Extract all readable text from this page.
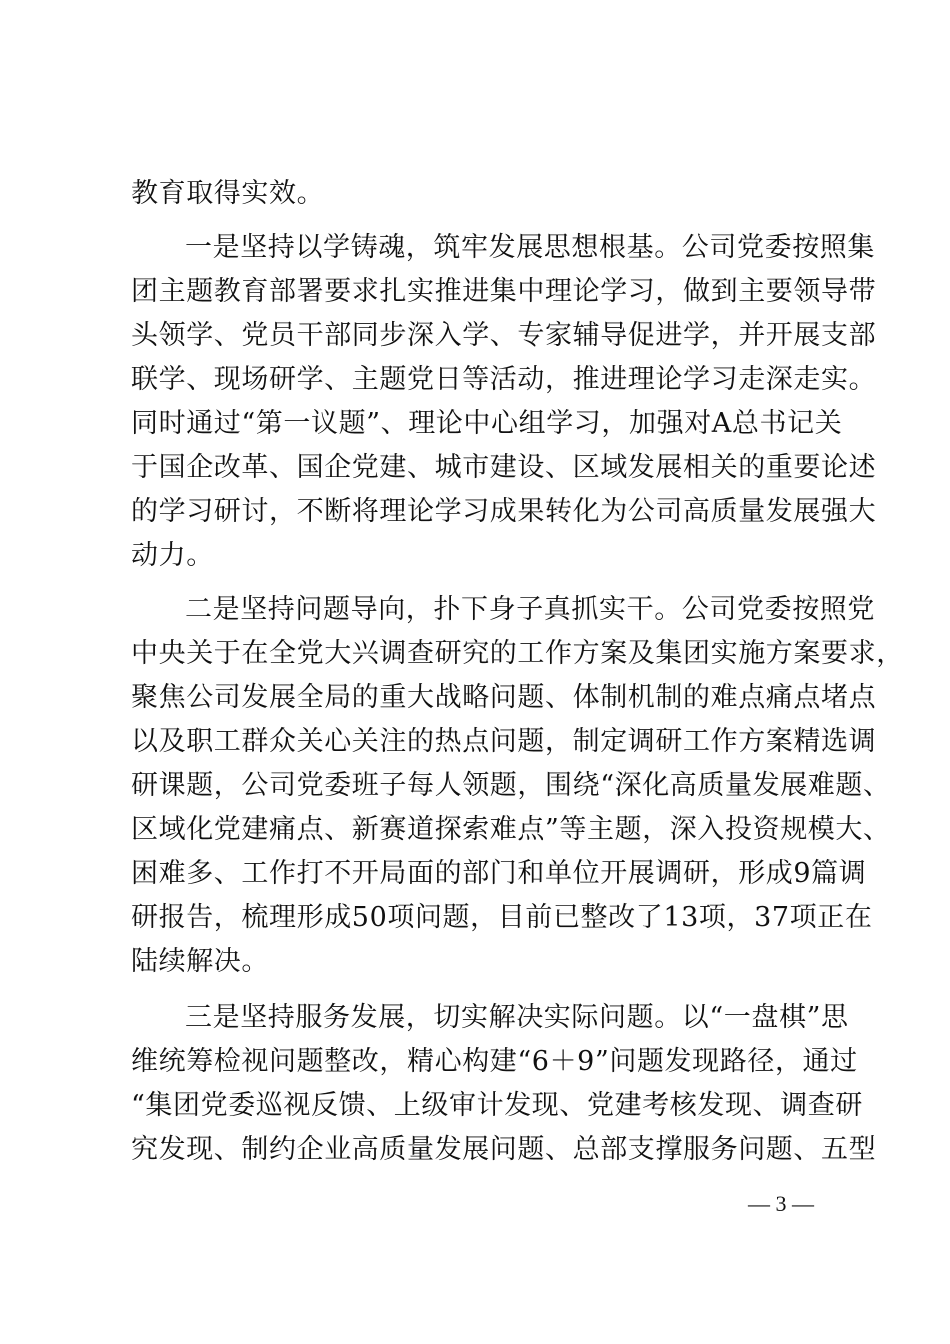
教育取得实效。
一是坚持以学铸魂，筑牢发展思想根基。公司党委按照集
团主题教育部署要求扎实推进集中理论学习，做到主要领导带
头领学、党员干部同步深入学、专家辅导促进学，并开展支部
联学、现场研学、主题党日等活动，推进理论学习走深走实。
同时通过“第一议题”、理论中心组学习，加强对A总书记关
于国企改革、国企党建、城市建设、区域发展相关的重要论述
的学习研讨，不断将理论学习成果转化为公司高质量发展强大
动力。
二是坚持问题导向，扑下身子真抓实干。公司党委按照党
中央关于在全党大兴调查研究的工作方案及集团实施方案要求，
聚焦公司发展全局的重大战略问题、体制机制的难点痛点堵点
以及职工群众关心关注的热点问题，制定调研工作方案精选调
研课题，公司党委班子每人领题，围绕“深化高质量发展难题、
区域化党建痛点、新赛道探索难点”等主题，深入投资规模大、
困难多、工作打不开局面的部门和单位开展调研，形成9篇调
研报告，梳理形成50项问题，目前已整改了13项，37项正在
陆续解决。
三是坚持服务发展，切实解决实际问题。以“一盘棋”思
维统筹检视问题整改，精心构建“6＋9”问题发现路径，通过
“集团党委巡视反馈、上级审计发现、党建考核发现、调查研
究发现、制约企业高质量发展问题、总部支撑服务问题、五型
— 3 —
